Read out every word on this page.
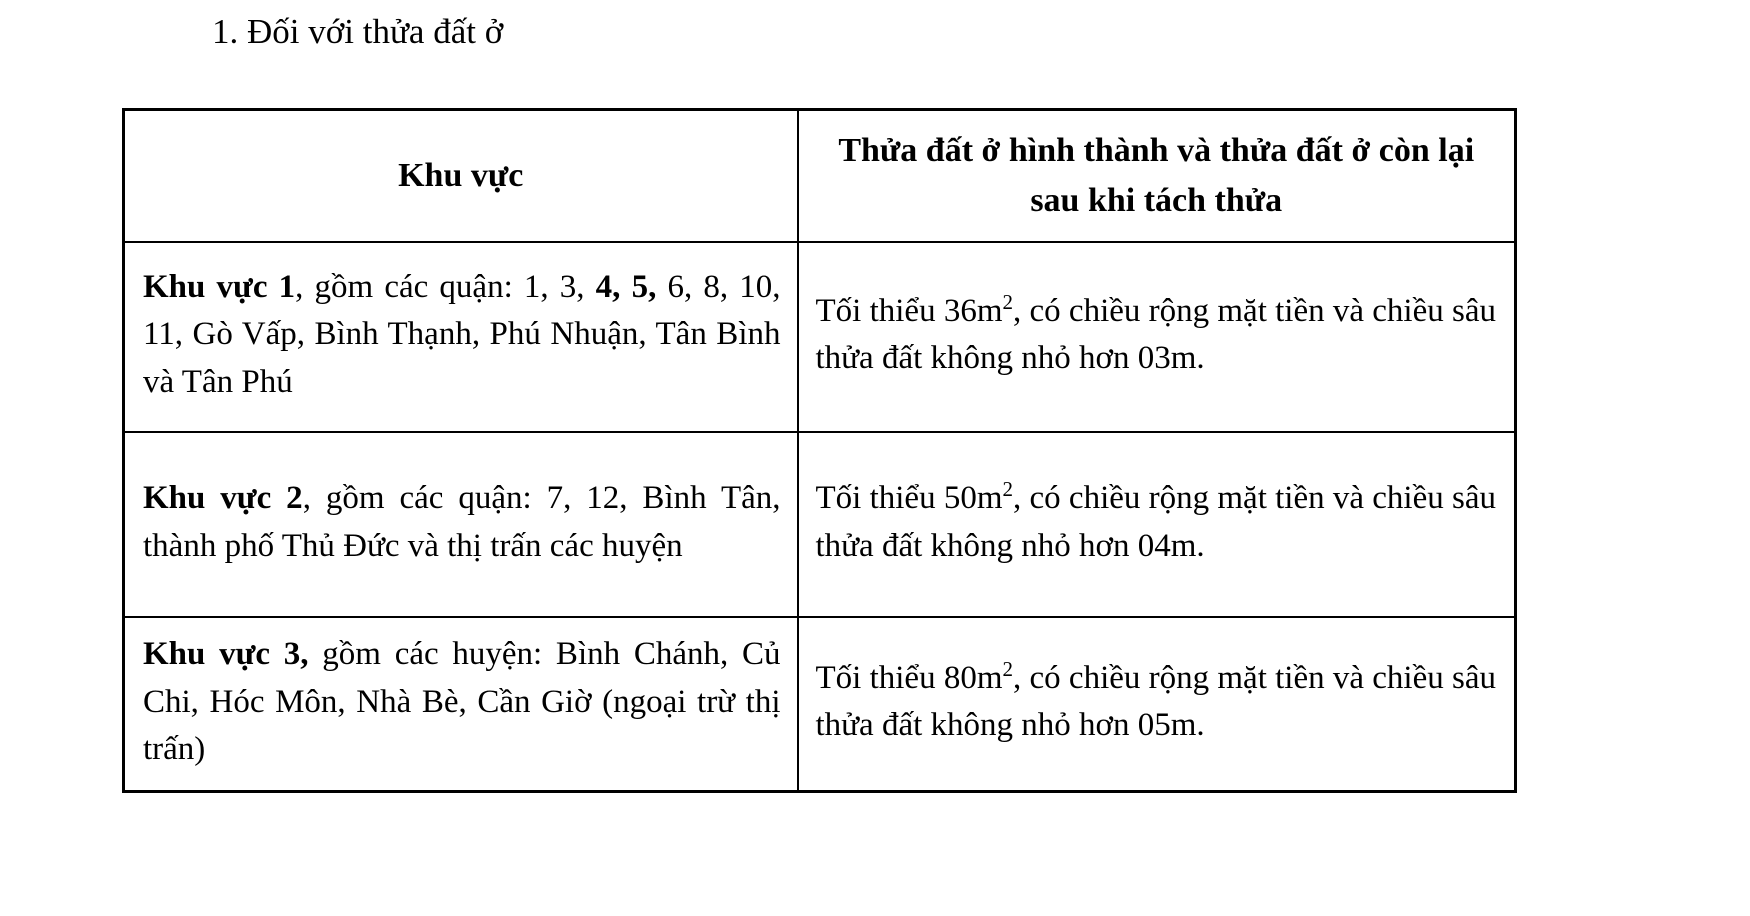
1. Đối với thửa đất ở
Khu vực	Thửa đất ở hình thành và thửa đất ở còn lại sau khi tách thửa
Khu vực 1, gồm các quận: 1, 3, 4, 5, 6, 8, 10, 11, Gò Vấp, Bình Thạnh, Phú Nhuận, Tân Bình và Tân Phú	Tối thiểu $36m^2$, có chiều rộng mặt tiền và chiều sâu thửa đất không nhỏ hơn 03m.
Khu vực 2, gồm các quận: 7, 12, Bình Tân, thành phố Thủ Đức và thị trấn các huyện	Tối thiểu $50m^2$, có chiều rộng mặt tiền và chiều sâu thửa đất không nhỏ hơn 04m.
Khu vực 3, gồm các huyện: Bình Chánh, Củ Chi, Hóc Môn, Nhà Bè, Cần Giờ (ngoại trừ thị trấn)	Tối thiểu $80m^2$, có chiều rộng mặt tiền và chiều sâu thửa đất không nhỏ hơn 05m.
